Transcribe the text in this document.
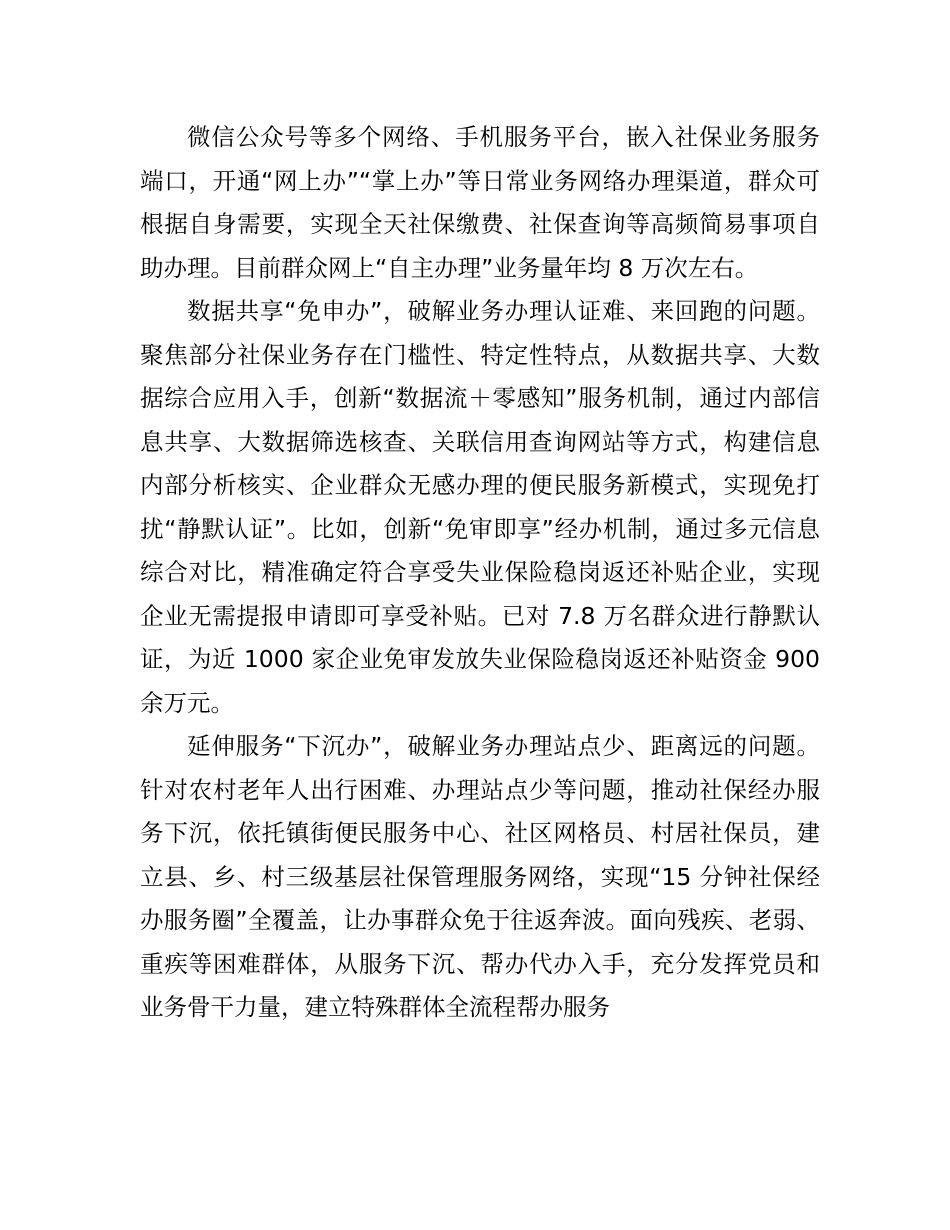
微信公众号等多个网络、手机服务平台，嵌入社保业务服务端口，开通“网上办”“掌上办”等日常业务网络办理渠道，群众可根据自身需要，实现全天社保缴费、社保查询等高频简易事项自助办理。目前群众网上“自主办理”业务量年均 8 万次左右。

数据共享“免申办”，破解业务办理认证难、来回跑的问题。聚焦部分社保业务存在门槛性、特定性特点，从数据共享、大数据综合应用入手，创新“数据流＋零感知”服务机制，通过内部信息共享、大数据筛选核查、关联信用查询网站等方式，构建信息内部分析核实、企业群众无感办理的便民服务新模式，实现免打扰“静默认证”。比如，创新“免审即享”经办机制，通过多元信息综合对比，精准确定符合享受失业保险稳岗返还补贴企业，实现企业无需提报申请即可享受补贴。已对 7.8 万名群众进行静默认证，为近 1000 家企业免审发放失业保险稳岗返还补贴资金 900 余万元。

延伸服务“下沉办”，破解业务办理站点少、距离远的问题。针对农村老年人出行困难、办理站点少等问题，推动社保经办服务下沉，依托镇街便民服务中心、社区网格员、村居社保员，建立县、乡、村三级基层社保管理服务网络，实现“15 分钟社保经办服务圈”全覆盖，让办事群众免于往返奔波。面向残疾、老弱、重疾等困难群体，从服务下沉、帮办代办入手，充分发挥党员和业务骨干力量，建立特殊群体全流程帮办服务
